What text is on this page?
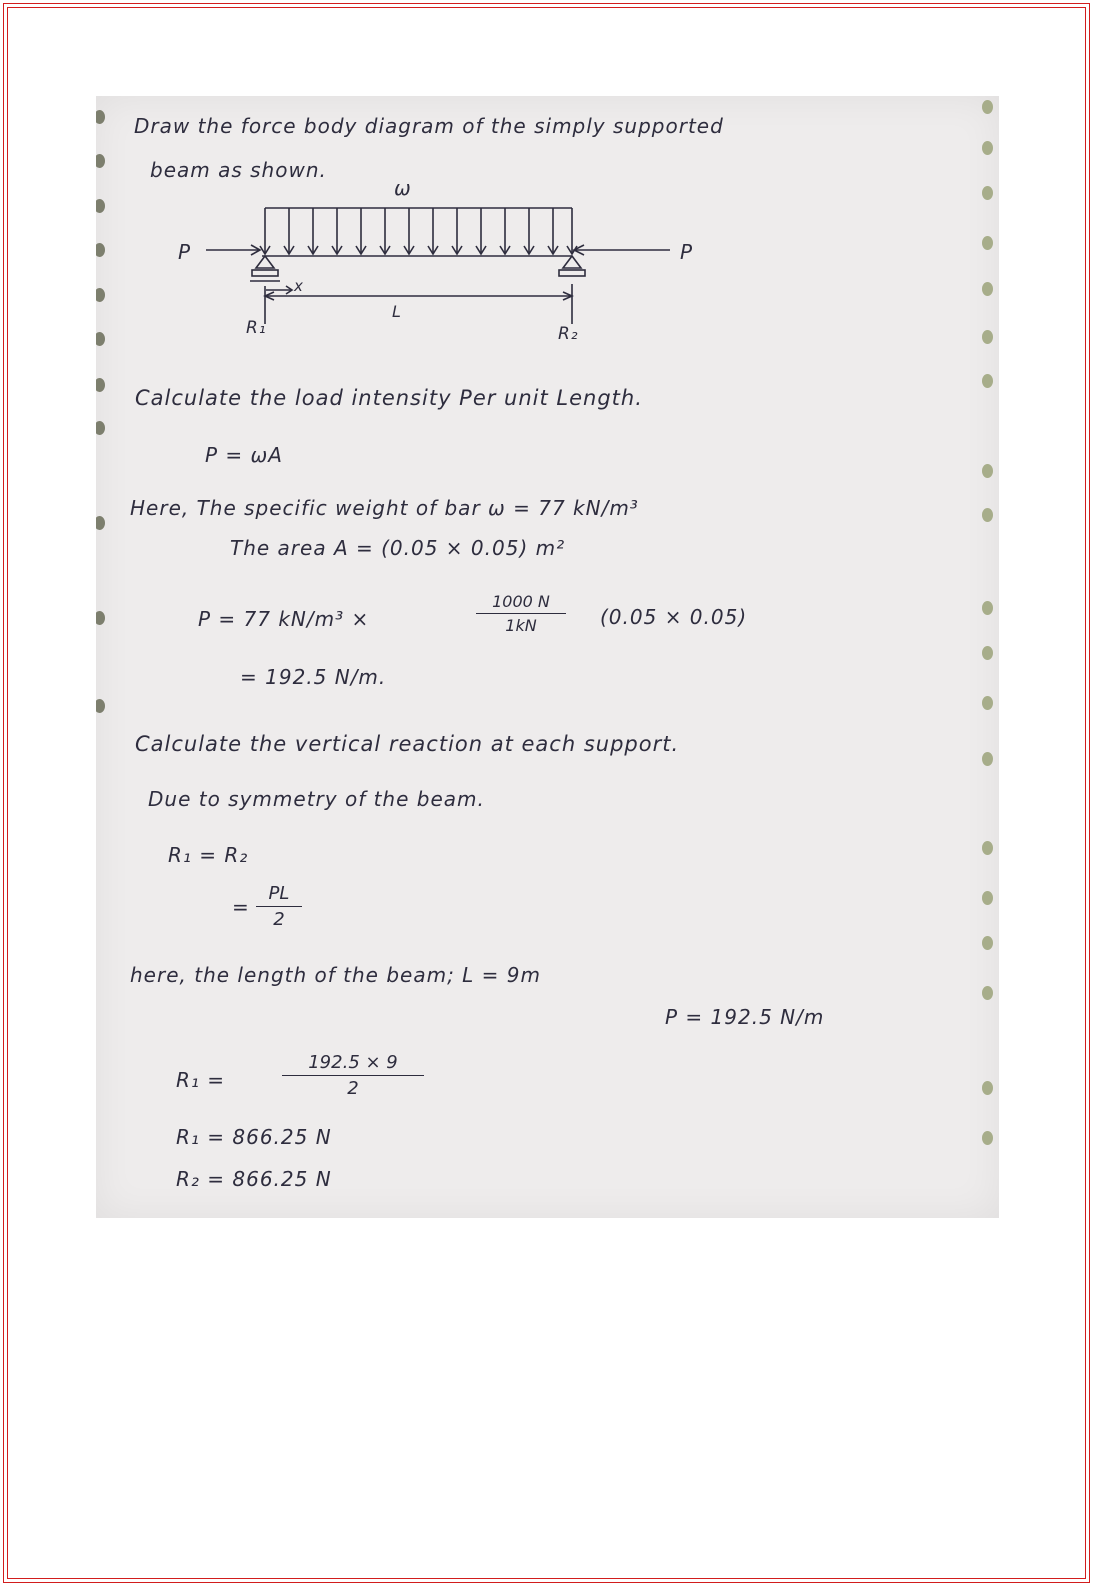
Draw the force body diagram of the simply supported
beam as shown.
ω
P	P
x
L
R₁	R₂
Calculate the load intensity Per unit Length.
P = ωA
Here, The specific weight of bar ω = 77 kN/m³
The area A = (0.05 × 0.05) m²
P = 77 kN/m³ ×
1000 N
1kN	(0.05 × 0.05)
= 192.5 N/m.
Calculate the vertical reaction at each support.
Due to symmetry of the beam.
R₁ = R₂
=
PL
2
here, the length of the beam; L = 9m
P = 192.5 N/m
R₁ =
192.5 × 9
2
R₁ = 866.25 N
R₂ = 866.25 N
